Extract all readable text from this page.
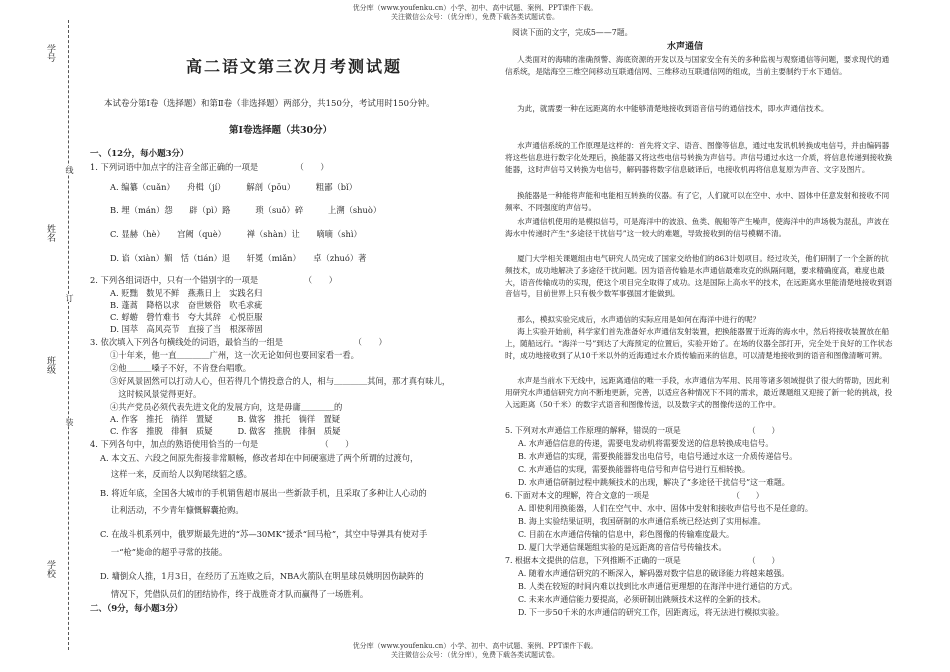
学号
姓名
班级
学校
线
订
装
优分库（www.youfenku.cn）小学、初中、高中试题、案例、PPT课件下载。
关注微信公众号：（优分库），免费下载各类试题试卷。
优分库（www.youfenku.cn）小学、初中、高中试题、案例、PPT课件下载。
关注微信公众号：（优分库），免费下载各类试题试卷。
高二语文第三次月考测试题
本试卷分第Ⅰ卷（选择题）和第Ⅱ卷（非选择题）两部分，共150分，考试用时150分钟。
第Ⅰ卷选择题（共30分）
一、（12分，每小题3分）
1. 下列词语中加点字的注音全部正确的一项是　　　　　（　　）
A. 编纂（cuǎn）　　舟楫（jí）　　　解剖（pōu）　　　粗鄙（bǐ）
B. 埋（mán）怨　　辟（pì）路　　　琐（suǒ）碎　　　上溯（shuò）
C. 显赫（hè）　　宫阙（què）　　　禅（shàn）让　　嘀嘀（shì）
D. 谄（xiàn）媚　恬（tián）退　　轩冕（miǎn）　　卓（zhuó）著
2. 下列各组词语中，只有一个错别字的一项是　　　　　　（　　）
A. 贬黜　数见不鲜　燕燕日上　实践名归
B. 蓬蒿　降格以求　奋世嫉俗　吹毛求疵
C. 蜉蝣　磬竹难书　夸大其辞　心悦臣服
D. 国萃　高风亮节　直接了当　根深蒂固
3. 依次填入下列各句横线处的词语，最恰当的一组是　　　　　　　　　（　　）
①十年来，他一直＿＿＿＿广州，这一次无论如何也要回家看一看。
②他＿＿＿嗓子不好，不肯登台唱歌。
③好风景固然可以打动人心，但若得几个情投意合的人，相与＿＿＿＿其间，那才真有味儿，
　这时候风景觉得更好。
④共产党员必须代表先进文化的发展方向，这是毋庸＿＿＿＿的
A. 作客　推托　徜徉　置疑　　　B. 做客　推托　徜徉　置疑
C. 作客　推脱　徘徊　质疑　　　D. 做客　推脱　徘徊　质疑
4. 下列各句中，加点的熟语使用恰当的一句是　　　　　　　　（　　）
A. 本文五、六段之间原先衔接非常顺畅，修改者却在中间硬塞进了两个所谓的过渡句，
　 这样一来，反而给人以狗尾续貂之感。
B. 将近年底，全国各大城市的手机销售超市展出一些新款手机，且采取了多种让人心动的
　 让利活动，不少青年慷慨解囊抢购。
C. 在战斗机系列中，俄罗斯最先进的“苏—30MK”援杀“回马枪”，其空中导弹具有使对手
　 一“枪”毙命的超乎寻常的技能。
D. 墉倒众人推，1月3日，在经历了五连败之后，NBA火箭队在明星球员姚明因伤缺阵的
　 情况下，凭借队员们的团结协作，终于战胜奇才队而赢得了一场胜利。
二、（9分，每小题3分）
阅读下面的文字，完成5——7题。
水声通信
人类面对的海啸的准确预警、海底资源的开发以及与国家安全有关的多种监视与观察通信等问题，要求现代的通信系统，是陆海空三维空间移动互联通信网、三维移动互联通信网的组成，当前主要制约于水下通信。
为此，就需要一种在远距离的水中能够清楚地接收到语音信号的通信技术，即水声通信技术。
水声通信系统的工作原理是这样的：首先将文字、语音、图像等信息，通过电发讯机转换成电信号，并由编码器将这些信息进行数字化处理后，换能器又将这些电信号转换为声信号。声信号通过水这一介质，将信息传递到接收换能器，这时声信号又转换为电信号，解码器将数字信息破译后，电接收机再将信息复原为声音、文字及图片。
换能器是一种能将声能和电能相互转换的仪器。有了它，人们就可以在空中、水中、固体中任意发射和接收不同频率、不同强度的声信号。
水声通信机使用的是模拟信号，可是海洋中的波浪、鱼类、舰船等产生噪声，使海洋中的声场极为混乱，声波在海水中传递时产生“多途径干扰信号”这一较大的难题，导致接收到的信号模糊不清。
厦门大学相关课题组由电气研究人员完成了国家交给他们的863计划项目。经过攻关，他们研制了一个全新的抗频技术，成功地解决了多途径干扰问题。因为语音传输是水声通信最难攻克的纵隔问题，要求精确度高，难度也最大，语音传输成功的实现，使这个项目完全取得了成功。这是国际上高水平的技术，在远距离水里能清楚地接收到语音信号，目前世界上只有极少数军事强国才能做到。
那么，模拟实验完成后，水声通信的实际应用是如何在海洋中进行的呢？
海上实验开始前，科学家们首先准备好水声通信发射装置，把换能器置于近海的海水中，然后将接收装置放在船上，随船远行。“海洋一号”到达了大海预定的位置后，实验开始了。在场的仪器全部打开，完全处于良好的工作状态时，成功地接收到了从10千米以外的近海通过水介质传输而来的信息，可以清楚地接收到的语音和图像清晰可辨。
水声是当前水下无线中，远距离通信的唯一手段，水声通信为军用、民用等诸多领域提供了很大的帮助，因此利用研究水声通信研究方向不断地更新，完善，以适应各种情况下不同的需求，最近课题组又迎接了新一轮的挑战，投入远距离（50千米）的数字式语音和图像传送，以及数字式的图像传送的工作中。
5. 下列对水声通信工作原理的解释，错误的一项是　　　　　　　　　（　　）
A. 水声通信信息的传递，需要电发动机将需要发送的信息转换成电信号。
B. 水声通信的实现，需要换能器发出电信号，电信号通过水这一介质传递信号。
C. 水声通信的实现，需要换能器将电信号和声信号进行互相转换。
D. 水声通信研制过程中跳频技术的出现，解决了“多途径干扰信号”这一难题。
6. 下面对本文的理解，符合文意的一项是　　　　　　　　　　　（　　）
A. 即使利用换能器，人们在空气中、水中、固体中发射和接收声信号也不是任意的。
B. 海上实验结果证明，我国研制的水声通信系统已经达到了实用标准。
C. 目前在水声通信传输的信息中，彩色图像的传输难度最大。
D. 厦门大学通信课题组实验的是远距离的音信号传输技术。
7. 根据本文提供的信息，下列推断不正确的一项是　　　　　　　　　（　　）
A. 随着水声通信研究的不断深入，解码器对数字信息的破译能力将越来越强。
B. 人类在较短的时间内难以找到比水声通信更理想的在海洋中进行通信的方式。
C. 未来水声通信能力要提高，必须研制出跳频技术这样的全新的技术。
D. 下一步50千米的水声通信的研究工作，因距离远，将无法进行模拟实验。
